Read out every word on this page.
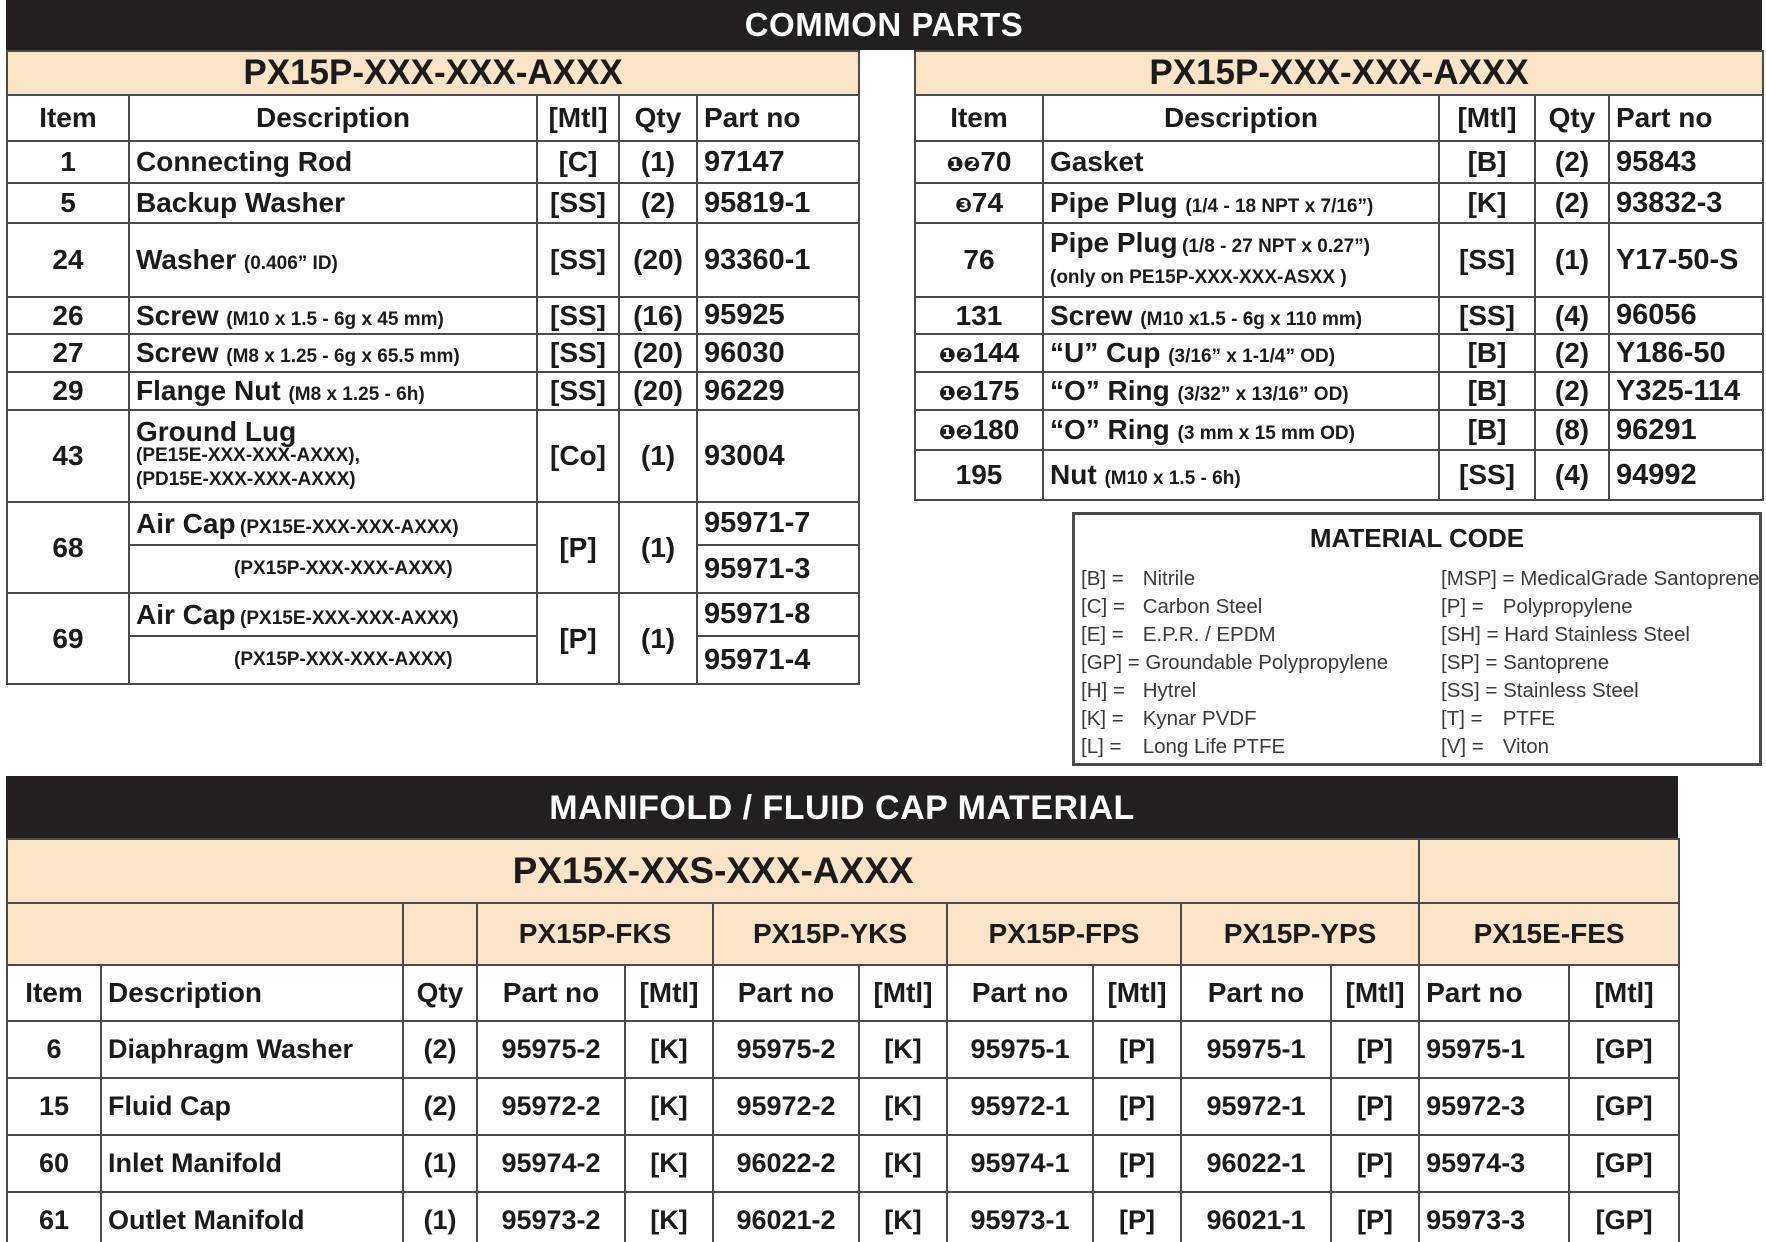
COMMON PARTS
PX15P-XXX-XXX-AXXX				
Item	Description	[Mtl]	Qty	Part no
1	Connecting Rod	[C]	(1)	97147
5	Backup Washer	[SS]	(2)	95819-1
24	Washer (0.406” ID)	[SS]	(20)	93360-1
26	Screw (M10 x 1.5 - 6g x 45 mm)	[SS]	(16)	95925
27	Screw (M8 x 1.25 - 6g x 65.5 mm)	[SS]	(20)	96030
29	Flange Nut (M8 x 1.25 - 6h)	[SS]	(20)	96229
43	Ground Lug
(PE15E-XXX-XXX-AXXX),
(PD15E-XXX-XXX-AXXX)	[Co]	(1)	93004
68	Air Cap (PX15E-XXX-XXX-AXXX)	[P]	(1)	95971-7
	(PX15P-XXX-XXX-AXXX)			95971-3
69	Air Cap (PX15E-XXX-XXX-AXXX)	[P]	(1)	95971-8
	(PX15P-XXX-XXX-AXXX)			95971-4
PX15P-XXX-XXX-AXXX				
Item	Description	[Mtl]	Qty	Part no
❶❷70	Gasket	[B]	(2)	95843
❸74	Pipe Plug (1/4 - 18 NPT x 7/16”)	[K]	(2)	93832-3
76	Pipe Plug (1/8 - 27 NPT x 0.27”)
(only on PE15P-XXX-XXX-ASXX )	[SS]	(1)	Y17-50-S
131	Screw (M10 x1.5 - 6g x 110 mm)	[SS]	(4)	96056
❶❷144	“U” Cup (3/16” x 1-1/4” OD)	[B]	(2)	Y186-50
❶❷175	“O” Ring (3/32” x 13/16” OD)	[B]	(2)	Y325-114
❶❷180	“O” Ring (3 mm x 15 mm OD)	[B]	(8)	96291
195	Nut (M10 x 1.5 - 6h)	[SS]	(4)	94992
MATERIAL CODE
[B] = Nitrile
[C] = Carbon Steel
[E] = E.P.R. / EPDM
[GP] = Groundable Polypropylene
[H] = Hytrel
[K] = Kynar PVDF
[L] = Long Life PTFE
[MSP] = MedicalGrade Santoprene
[P] = Polypropylene
[SH] = Hard Stainless Steel
[SP] = Santoprene
[SS] = Stainless Steel
[T] = PTFE
[V] = Viton
MANIFOLD / FLUID CAP MATERIAL
PX15X-XXS-XXX-AXXX												
			PX15P-FKS		PX15P-YKS		PX15P-FPS		PX15P-YPS		PX15E-FES	
Item	Description	Qty	Part no	[Mtl]	Part no	[Mtl]	Part no	[Mtl]	Part no	[Mtl]	Part no	[Mtl]
6	Diaphragm Washer	(2)	95975-2	[K]	95975-2	[K]	95975-1	[P]	95975-1	[P]	95975-1	[GP]
15	Fluid Cap	(2)	95972-2	[K]	95972-2	[K]	95972-1	[P]	95972-1	[P]	95972-3	[GP]
60	Inlet Manifold	(1)	95974-2	[K]	96022-2	[K]	95974-1	[P]	96022-1	[P]	95974-3	[GP]
61	Outlet Manifold	(1)	95973-2	[K]	96021-2	[K]	95973-1	[P]	96021-1	[P]	95973-3	[GP]
